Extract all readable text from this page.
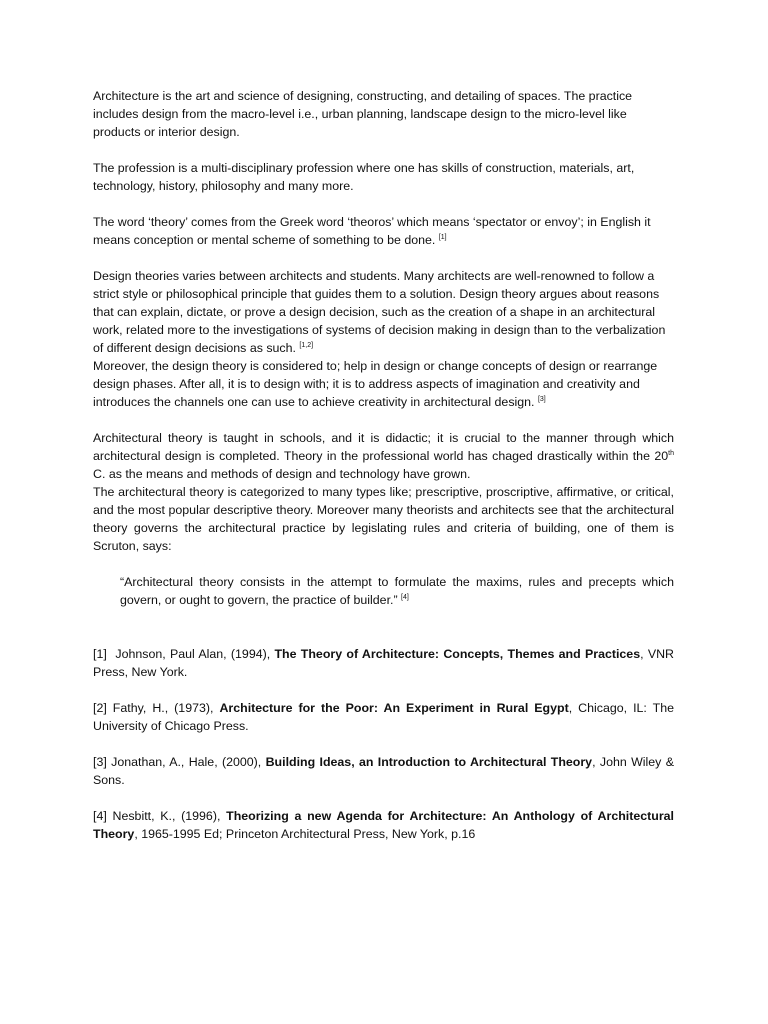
Architecture is the art and science of designing, constructing, and detailing of spaces. The practice includes design from the macro-level i.e., urban planning, landscape design to the micro-level like products or interior design.

The profession is a multi-disciplinary profession where one has skills of construction, materials, art, technology, history, philosophy and many more.

The word ‘theory’ comes from the Greek word ‘theoros’ which means ‘spectator or envoy’; in English it means conception or mental scheme of something to be done. [1]

Design theories varies between architects and students. Many architects are well-renowned to follow a strict style or philosophical principle that guides them to a solution. Design theory argues about reasons that can explain, dictate, or prove a design decision, such as the creation of a shape in an architectural work, related more to the investigations of systems of decision making in design than to the verbalization of different design decisions as such. [1,2]

Moreover, the design theory is considered to; help in design or change concepts of design or rearrange design phases. After all, it is to design with; it is to address aspects of imagination and creativity and introduces the channels one can use to achieve creativity in architectural design. [3]

Architectural theory is taught in schools, and it is didactic; it is crucial to the manner through which architectural design is completed. Theory in the professional world has chaged drastically within the 20th C. as the means and methods of design and technology have grown.

The architectural theory is categorized to many types like; prescriptive, proscriptive, affirmative, or critical, and the most popular descriptive theory. Moreover many theorists and architects see that the architectural theory governs the architectural practice by legislating rules and criteria of building, one of them is Scruton, says:

“Architectural theory consists in the attempt to formulate the maxims, rules and precepts which govern, or ought to govern, the practice of builder.” [4]

[1]  Johnson, Paul Alan, (1994), The Theory of Architecture: Concepts, Themes and Practices, VNR Press, New York.

[2] Fathy, H., (1973), Architecture for the Poor: An Experiment in Rural Egypt, Chicago, IL: The University of Chicago Press.

[3] Jonathan, A., Hale, (2000), Building Ideas, an Introduction to Architectural Theory, John Wiley & Sons.

[4] Nesbitt, K., (1996), Theorizing a new Agenda for Architecture: An Anthology of Architectural Theory, 1965-1995 Ed; Princeton Architectural Press, New York, p.16
